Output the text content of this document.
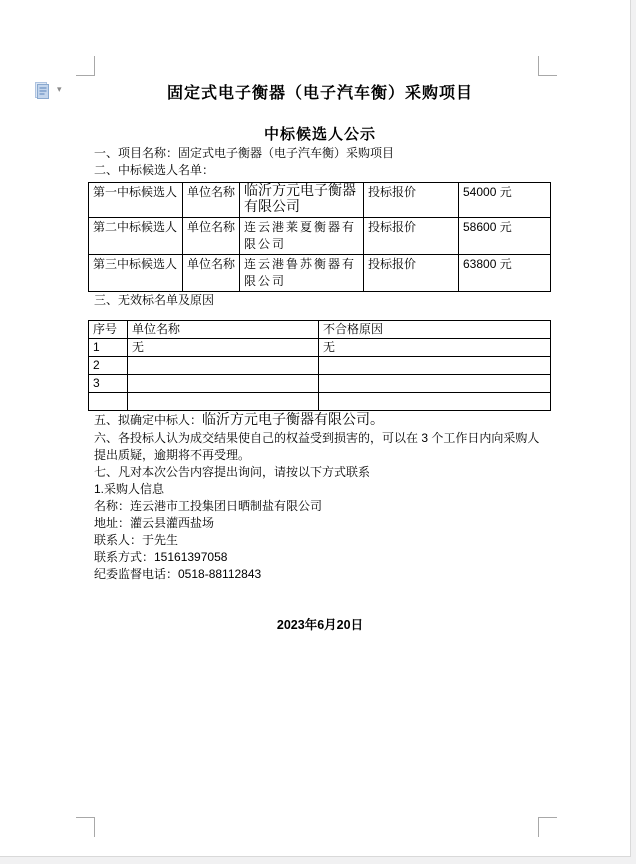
▾	固定式电子衡器（电子汽车衡）采购项目
中标候选人公示

一、项目名称：固定式电子衡器（电子汽车衡）采购项目

二、中标候选人名单：

第一中标候选人	单位名称	临沂方元电子衡器有限公司	投标报价	54000 元
第二中标候选人	单位名称	连云港莱夏衡器有限公司	投标报价	58600 元
第三中标候选人	单位名称	连云港鲁苏衡器有限公司	投标报价	63800 元

三、无效标名单及原因

序号	单位名称	不合格原因
1	无	无
2		
3		

五、拟确定中标人：临沂方元电子衡器有限公司。

六、各投标人认为成交结果使自己的权益受到损害的，可以在 3 个工作日内向采购人提出质疑，逾期将不再受理。

七、凡对本次公告内容提出询问，请按以下方式联系

1.采购人信息

名称：连云港市工投集团日晒制盐有限公司

地址：灌云县灌西盐场

联系人：于先生

联系方式：15161397058

纪委监督电话：0518-88112843

2023年6月20日
